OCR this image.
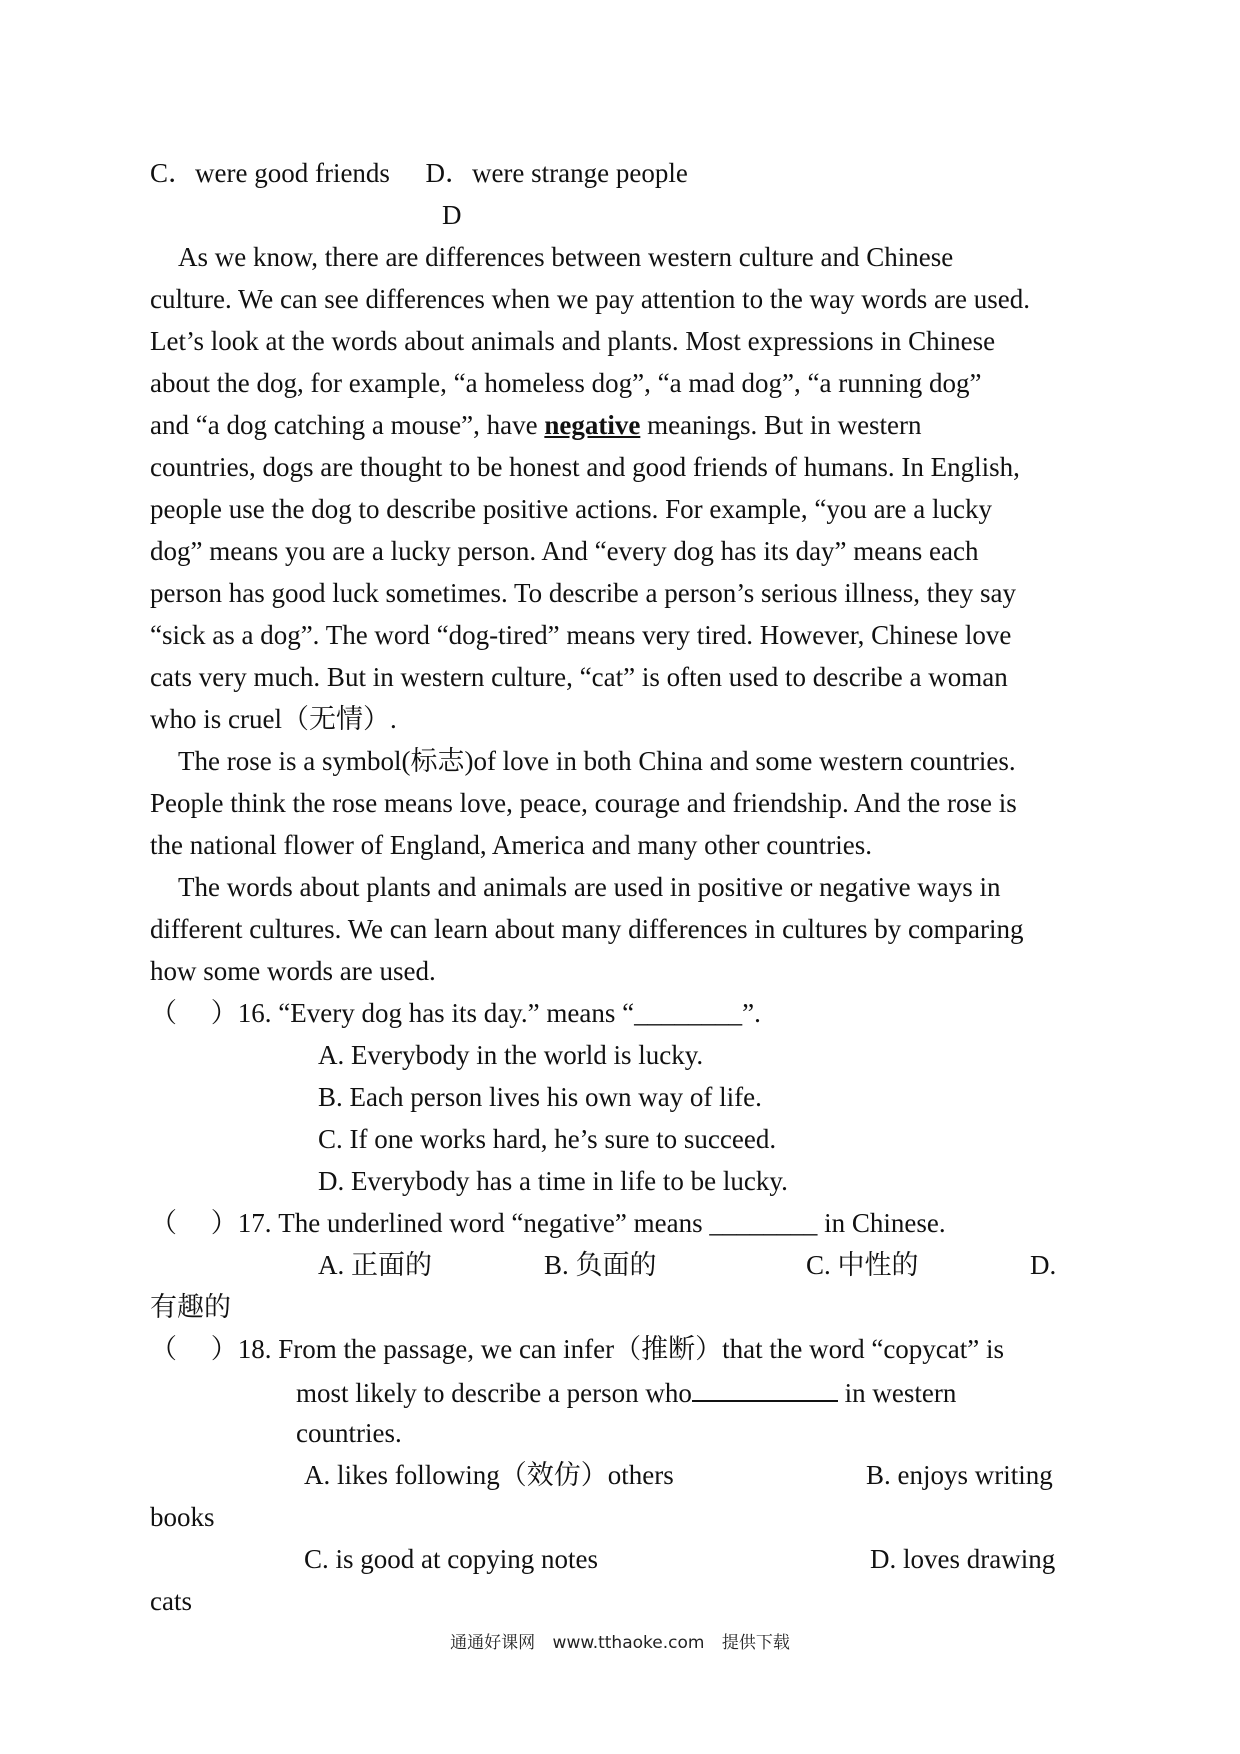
C．were good friends D．were strange people
D
As we know, there are differences between western culture and Chinese
culture. We can see differences when we pay attention to the way words are used.
Let’s look at the words about animals and plants. Most expressions in Chinese
about the dog, for example, “a homeless dog”, “a mad dog”, “a running dog”
and “a dog catching a mouse”, have negative meanings. But in western
countries, dogs are thought to be honest and good friends of humans. In English,
people use the dog to describe positive actions. For example, “you are a lucky
dog” means you are a lucky person. And “every dog has its day” means each
person has good luck sometimes. To describe a person’s serious illness, they say
“sick as a dog”. The word “dog-tired” means very tired. However, Chinese love
cats very much. But in western culture, “cat” is often used to describe a woman
who is cruel（无情）.
The rose is a symbol(标志)of love in both China and some western countries.
People think the rose means love, peace, courage and friendship. And the rose is
the national flower of England, America and many other countries.
The words about plants and animals are used in positive or negative ways in
different cultures. We can learn about many differences in cultures by comparing
how some words are used.
（　 ）16. “Every dog has its day.” means “________”.
A. Everybody in the world is lucky.
B. Each person lives his own way of life.
C. If one works hard, he’s sure to succeed.
D. Everybody has a time in life to be lucky.
（　 ）17. The underlined word “negative” means ________ in Chinese.
A. 正面的	B. 负面的	C. 中性的	D.
有趣的
（　 ）18. From the passage, we can infer（推断）that the word “copycat” is
most likely to describe a person who	in western
countries.
A. likes following（效仿）others	B. enjoys writing
books
C. is good at copying notes	D. loves drawing
cats
通通好课网 www.tthaoke.com 提供下载
